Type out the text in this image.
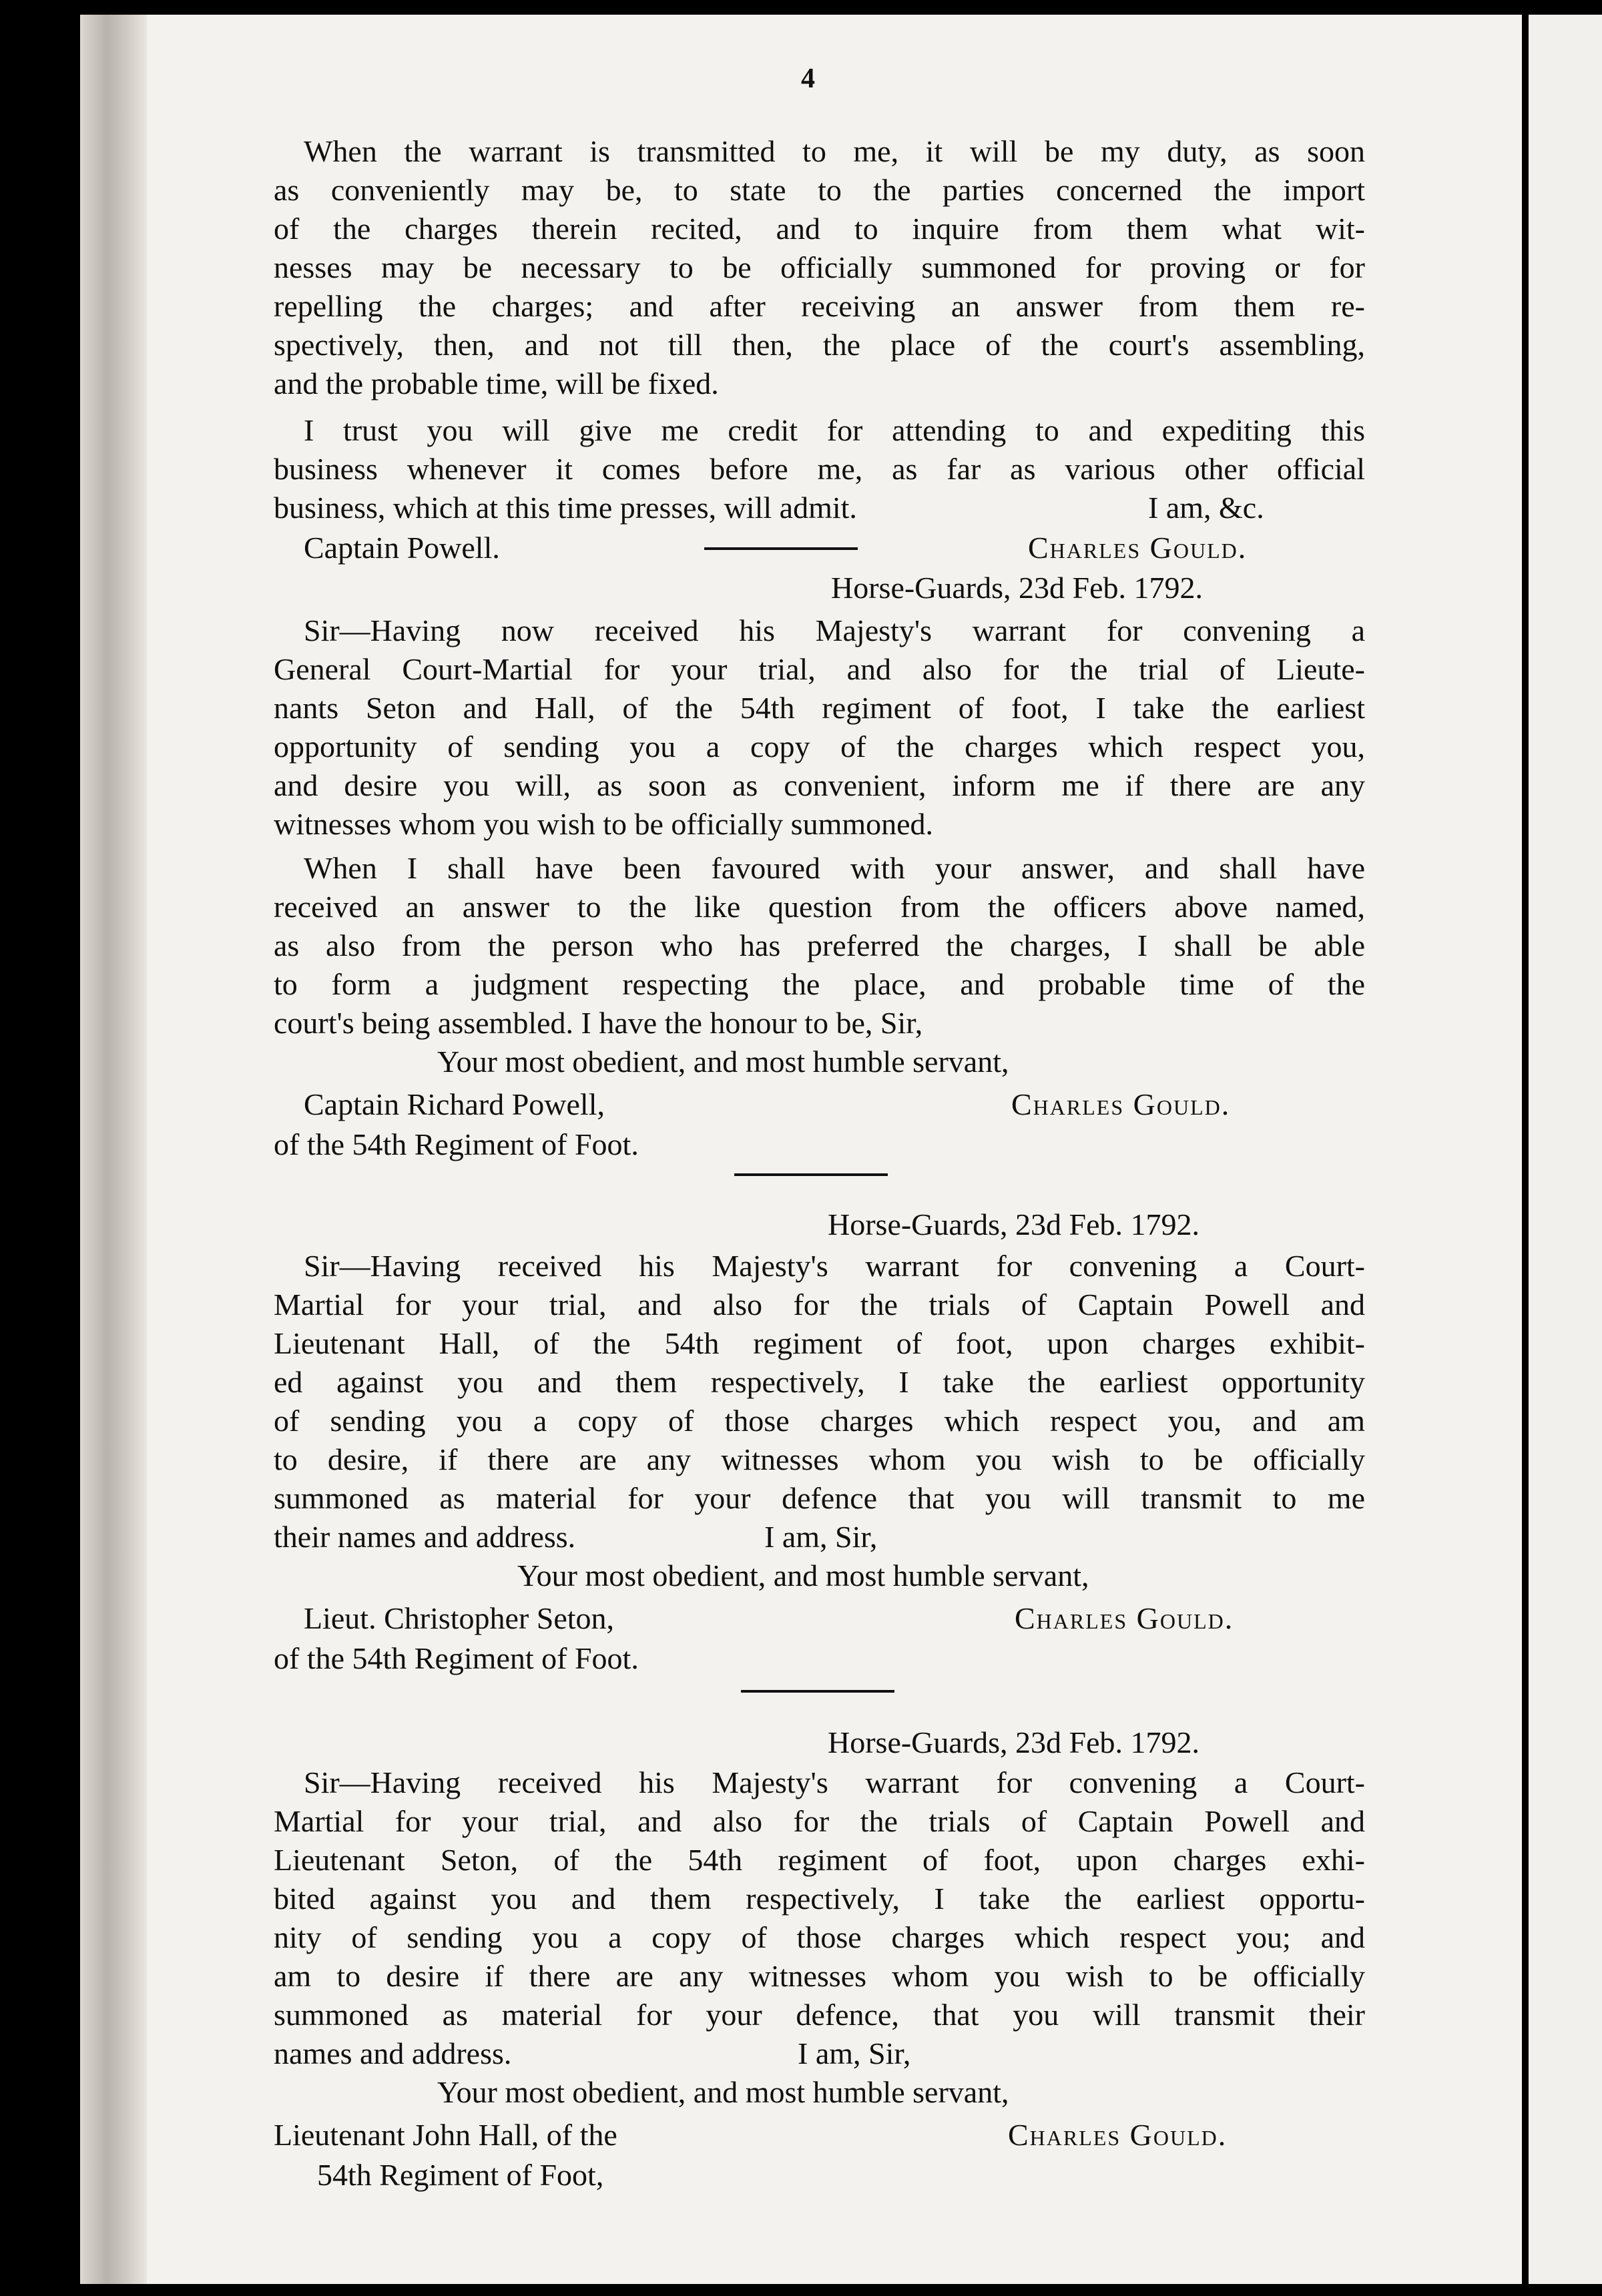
4
When the warrant is transmitted to me, it will be my duty, as soon
as conveniently may be, to state to the parties concerned the import
of the charges therein recited, and to inquire from them what wit-
nesses may be necessary to be officially summoned for proving or for
repelling the charges; and after receiving an answer from them re-
spectively, then, and not till then, the place of the court's assembling,
and the probable time, will be fixed.
I trust you will give me credit for attending to and expediting this
business whenever it comes before me, as far as various other official
business, which at this time presses, will admit.	I am, &c.
Captain Powell.	Charles Gould.
Horse-Guards, 23d Feb. 1792.
Sir—Having now received his Majesty's warrant for convening a
General Court-Martial for your trial, and also for the trial of Lieute-
nants Seton and Hall, of the 54th regiment of foot, I take the earliest
opportunity of sending you a copy of the charges which respect you,
and desire you will, as soon as convenient, inform me if there are any
witnesses whom you wish to be officially summoned.
When I shall have been favoured with your answer, and shall have
received an answer to the like question from the officers above named,
as also from the person who has preferred the charges, I shall be able
to form a judgment respecting the place, and probable time of the
court's being assembled. I have the honour to be, Sir,
Your most obedient, and most humble servant,
Captain Richard Powell,	Charles Gould.
of the 54th Regiment of Foot.
Horse-Guards, 23d Feb. 1792.
Sir—Having received his Majesty's warrant for convening a Court-
Martial for your trial, and also for the trials of Captain Powell and
Lieutenant Hall, of the 54th regiment of foot, upon charges exhibit-
ed against you and them respectively, I take the earliest opportunity
of sending you a copy of those charges which respect you, and am
to desire, if there are any witnesses whom you wish to be officially
summoned as material for your defence that you will transmit to me
their names and address.	I am, Sir,
Your most obedient, and most humble servant,
Lieut. Christopher Seton,	Charles Gould.
of the 54th Regiment of Foot.
Horse-Guards, 23d Feb. 1792.
Sir—Having received his Majesty's warrant for convening a Court-
Martial for your trial, and also for the trials of Captain Powell and
Lieutenant Seton, of the 54th regiment of foot, upon charges exhi-
bited against you and them respectively, I take the earliest opportu-
nity of sending you a copy of those charges which respect you; and
am to desire if there are any witnesses whom you wish to be officially
summoned as material for your defence, that you will transmit their
names and address.	I am, Sir,
Your most obedient, and most humble servant,
Lieutenant John Hall, of the	Charles Gould.
54th Regiment of Foot,
